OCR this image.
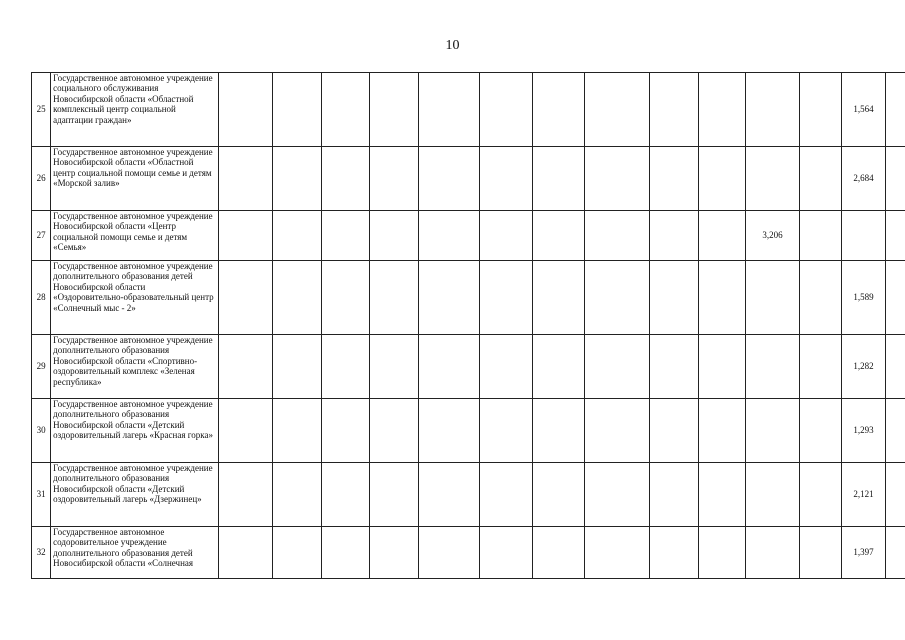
10
25	Государственное автономное учреждение социального обслуживания Новосибирской области «Областной комплексный центр социальной адаптации граждан»													1,564	
26	Государственное автономное учреждение Новосибирской области «Областной центр социальной помощи семье и детям «Морской залив»													2,684	
27	Государственное автономное учреждение Новосибирской области «Центр социальной помощи семье и детям «Семья»											3,206			
28	Государственное автономное учреждение дополнительного образования детей Новосибирской области «Оздоровительно-образовательный центр «Солнечный мыс - 2»													1,589	
29	Государственное автономное учреждение дополнительного образования Новосибирской области «Спортивно-оздоровительный комплекс «Зеленая республика»													1,282	
30	Государственное автономное учреждение дополнительного образования Новосибирской области «Детский оздоровительный лагерь «Красная горка»													1,293	
31	Государственное автономное учреждение дополнительного образования Новосибирской области «Детский оздоровительный лагерь «Дзержинец»													2,121	
32	Государственное автономное содоровительное учреждение дополнительного образования детей Новосибирской области «Солнечная													1,397	
